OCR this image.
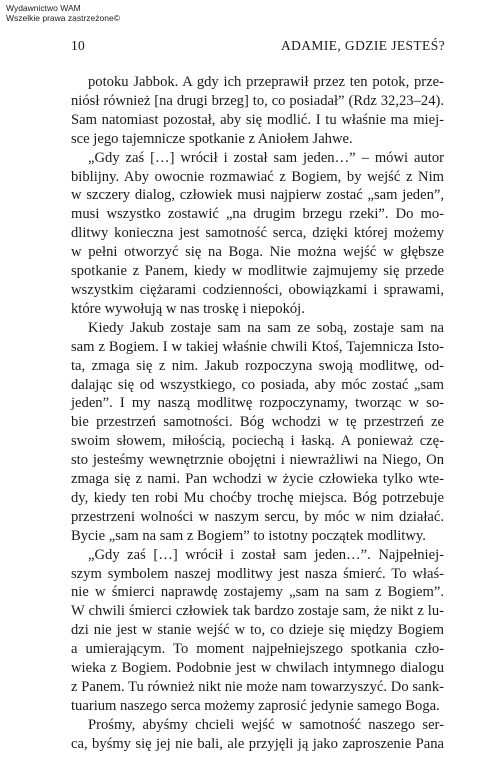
Wydawnictwo WAM
Wszelkie prawa zastrzeżone©
10	ADAMIE, GDZIE JESTEŚ?
potoku Jabbok. A gdy ich przeprawił przez ten potok, prze-
niósł również [na drugi brzeg] to, co posiadał” (Rdz 32,23–24).
Sam natomiast pozostał, aby się modlić. I tu właśnie ma miej-
sce jego tajemnicze spotkanie z Aniołem Jahwe.
„Gdy zaś […] wrócił i został sam jeden…” – mówi autor
biblijny. Aby owocnie rozmawiać z Bogiem, by wejść z Nim
w szczery dialog, człowiek musi najpierw zostać „sam jeden”,
musi wszystko zostawić „na drugim brzegu rzeki”. Do mo-
dlitwy konieczna jest samotność serca, dzięki której możemy
w pełni otworzyć się na Boga. Nie można wejść w głębsze
spotkanie z Panem, kiedy w modlitwie zajmujemy się przede
wszystkim ciężarami codzienności, obowiązkami i sprawami,
które wywołują w nas troskę i niepokój.
Kiedy Jakub zostaje sam na sam ze sobą, zostaje sam na
sam z Bogiem. I w takiej właśnie chwili Ktoś, Tajemnicza Isto-
ta, zmaga się z nim. Jakub rozpoczyna swoją modlitwę, od-
dalając się od wszystkiego, co posiada, aby móc zostać „sam
jeden”. I my naszą modlitwę rozpoczynamy, tworząc w so-
bie przestrzeń samotności. Bóg wchodzi w tę przestrzeń ze
swoim słowem, miłością, pociechą i łaską. A ponieważ czę-
sto jesteśmy wewnętrznie obojętni i niewrażliwi na Niego, On
zmaga się z nami. Pan wchodzi w życie człowieka tylko wte-
dy, kiedy ten robi Mu choćby trochę miejsca. Bóg potrzebuje
przestrzeni wolności w naszym sercu, by móc w nim działać.
Bycie „sam na sam z Bogiem” to istotny początek modlitwy.
„Gdy zaś […] wrócił i został sam jeden…”. Najpełniej-
szym symbolem naszej modlitwy jest nasza śmierć. To właś-
nie w śmierci naprawdę zostajemy „sam na sam z Bogiem”.
W chwili śmierci człowiek tak bardzo zostaje sam, że nikt z lu-
dzi nie jest w stanie wejść w to, co dzieje się między Bogiem
a umierającym. To moment najpełniejszego spotkania czło-
wieka z Bogiem. Podobnie jest w chwilach intymnego dialogu
z Panem. Tu również nikt nie może nam towarzyszyć. Do sank-
tuarium naszego serca możemy zaprosić jedynie samego Boga.
Prośmy, abyśmy chcieli wejść w samotność naszego ser-
ca, byśmy się jej nie bali, ale przyjęli ją jako zaproszenie Pana
